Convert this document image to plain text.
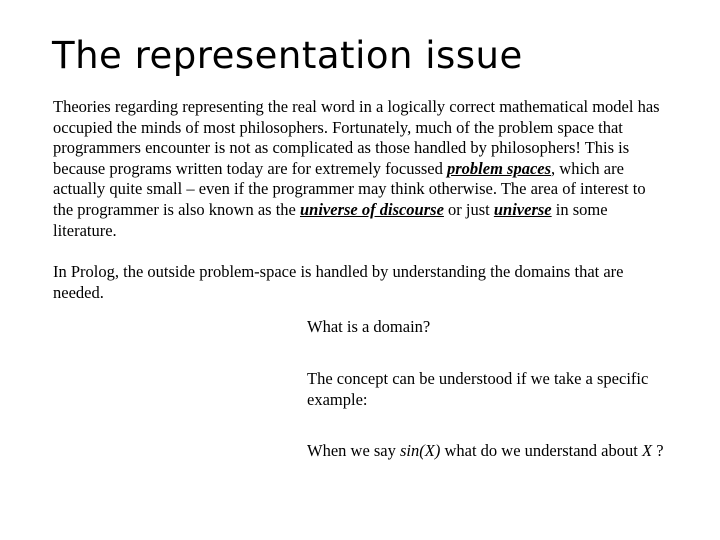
The representation issue

Theories regarding representing the real word in a logically correct mathematical model has occupied the minds of most philosophers. Fortunately, much of the problem space that programmers encounter is not as complicated as those handled by philosophers! This is because programs written today are for extremely focussed problem spaces, which are actually quite small – even if the programmer may think otherwise. The area of interest to the programmer is also known as the universe of discourse or just universe in some literature.

In Prolog, the outside problem-space is handled by understanding the domains that are needed.

What is a domain?

The concept can be understood if we take a specific example:

When we say sin(X) what do we understand about X ?
